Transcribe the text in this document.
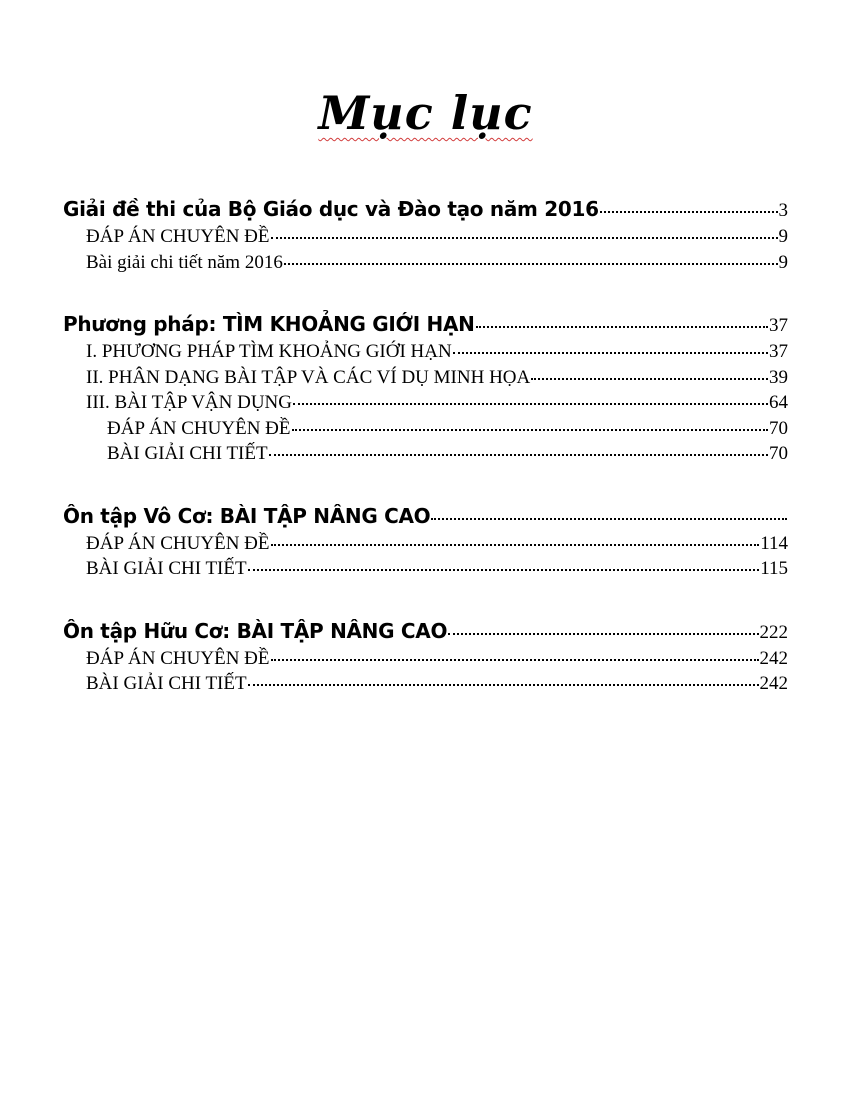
Mục lục
Giải đề thi của Bộ Giáo dục và Đào tạo năm 2016	3
ĐÁP ÁN CHUYÊN ĐỀ	9
Bài giải chi tiết năm 2016	9
Phương pháp: TÌM KHOẢNG GIỚI HẠN	37
I. PHƯƠNG PHÁP TÌM KHOẢNG GIỚI HẠN	37
II. PHÂN DẠNG BÀI TẬP VÀ CÁC VÍ DỤ MINH HỌA	39
III. BÀI TẬP VẬN DỤNG	64
ĐÁP ÁN CHUYÊN ĐỀ	70
BÀI GIẢI CHI TIẾT	70
Ôn tập Vô Cơ: BÀI TẬP NÂNG CAO
ĐÁP ÁN CHUYÊN ĐỀ	114
BÀI GIẢI CHI TIẾT	115
Ôn tập Hữu Cơ: BÀI TẬP NÂNG CAO	222
ĐÁP ÁN CHUYÊN ĐỀ	242
BÀI GIẢI CHI TIẾT	242
